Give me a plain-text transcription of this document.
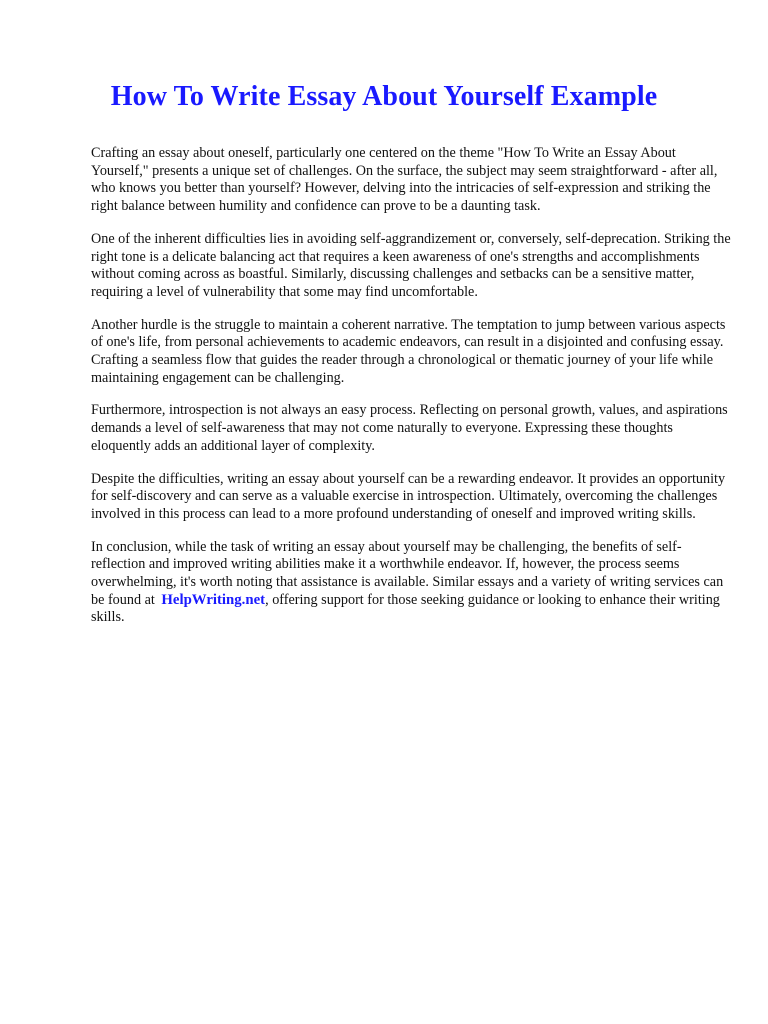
How To Write Essay About Yourself Example

Crafting an essay about oneself, particularly one centered on the theme "How To Write an Essay About Yourself," presents a unique set of challenges. On the surface, the subject may seem straightforward - after all, who knows you better than yourself? However, delving into the intricacies of self-expression and striking the right balance between humility and confidence can prove to be a daunting task.

One of the inherent difficulties lies in avoiding self-aggrandizement or, conversely, self-deprecation. Striking the right tone is a delicate balancing act that requires a keen awareness of one's strengths and accomplishments without coming across as boastful. Similarly, discussing challenges and setbacks can be a sensitive matter, requiring a level of vulnerability that some may find uncomfortable.

Another hurdle is the struggle to maintain a coherent narrative. The temptation to jump between various aspects of one's life, from personal achievements to academic endeavors, can result in a disjointed and confusing essay. Crafting a seamless flow that guides the reader through a chronological or thematic journey of your life while maintaining engagement can be challenging.

Furthermore, introspection is not always an easy process. Reflecting on personal growth, values, and aspirations demands a level of self-awareness that may not come naturally to everyone. Expressing these thoughts eloquently adds an additional layer of complexity.

Despite the difficulties, writing an essay about yourself can be a rewarding endeavor. It provides an opportunity for self-discovery and can serve as a valuable exercise in introspection. Ultimately, overcoming the challenges involved in this process can lead to a more profound understanding of oneself and improved writing skills.

In conclusion, while the task of writing an essay about yourself may be challenging, the benefits of self-reflection and improved writing abilities make it a worthwhile endeavor. If, however, the process seems overwhelming, it's worth noting that assistance is available. Similar essays and a variety of writing services can be found at HelpWriting.net, offering support for those seeking guidance or looking to enhance their writing skills.
